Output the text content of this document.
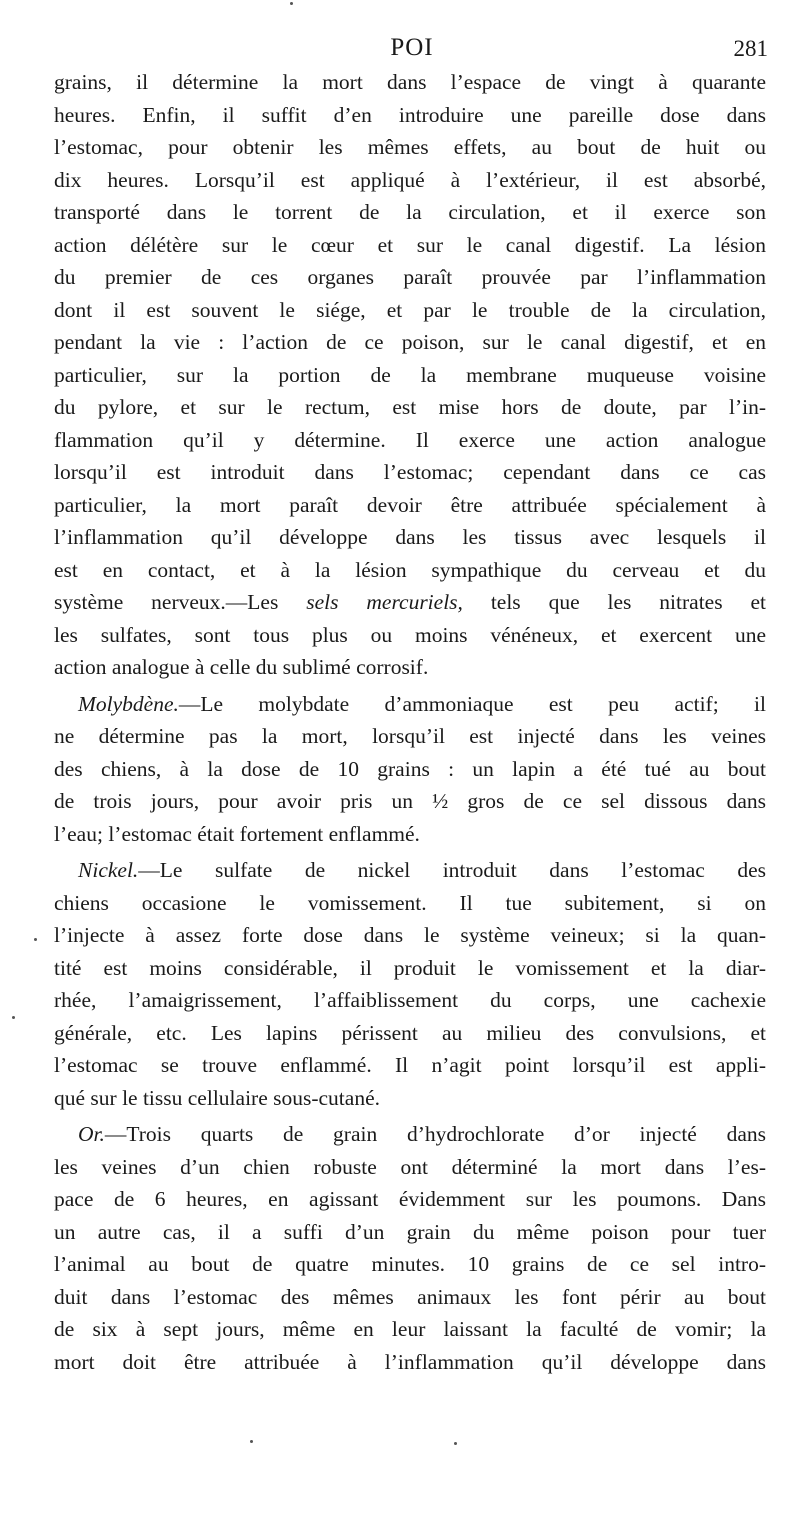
POI	281
grains, il détermine la mort dans l’espace de vingt à quarante
heures. Enfin, il suffit d’en introduire une pareille dose dans
l’estomac, pour obtenir les mêmes effets, au bout de huit ou
dix heures. Lorsqu’il est appliqué à l’extérieur, il est absorbé,
transporté dans le torrent de la circulation, et il exerce son
action délétère sur le cœur et sur le canal digestif. La lésion
du premier de ces organes paraît prouvée par l’inflammation
dont il est souvent le siége, et par le trouble de la circulation,
pendant la vie : l’action de ce poison, sur le canal digestif, et en
particulier, sur la portion de la membrane muqueuse voisine
du pylore, et sur le rectum, est mise hors de doute, par l’in-
flammation qu’il y détermine. Il exerce une action analogue
lorsqu’il est introduit dans l’estomac; cependant dans ce cas
particulier, la mort paraît devoir être attribuée spécialement à
l’inflammation qu’il développe dans les tissus avec lesquels il
est en contact, et à la lésion sympathique du cerveau et du
système nerveux.—Les sels mercuriels, tels que les nitrates et
les sulfates, sont tous plus ou moins vénéneux, et exercent une
action analogue à celle du sublimé corrosif.
Molybdène.—Le molybdate d’ammoniaque est peu actif; il
ne détermine pas la mort, lorsqu’il est injecté dans les veines
des chiens, à la dose de 10 grains : un lapin a été tué au bout
de trois jours, pour avoir pris un ½ gros de ce sel dissous dans
l’eau; l’estomac était fortement enflammé.
Nickel.—Le sulfate de nickel introduit dans l’estomac des
chiens occasione le vomissement. Il tue subitement, si on
l’injecte à assez forte dose dans le système veineux; si la quan-
tité est moins considérable, il produit le vomissement et la diar-
rhée, l’amaigrissement, l’affaiblissement du corps, une cachexie
générale, etc. Les lapins périssent au milieu des convulsions, et
l’estomac se trouve enflammé. Il n’agit point lorsqu’il est appli-
qué sur le tissu cellulaire sous-cutané.
Or.—Trois quarts de grain d’hydrochlorate d’or injecté dans
les veines d’un chien robuste ont déterminé la mort dans l’es-
pace de 6 heures, en agissant évidemment sur les poumons. Dans
un autre cas, il a suffi d’un grain du même poison pour tuer
l’animal au bout de quatre minutes. 10 grains de ce sel intro-
duit dans l’estomac des mêmes animaux les font périr au bout
de six à sept jours, même en leur laissant la faculté de vomir; la
mort doit être attribuée à l’inflammation qu’il développe dans
